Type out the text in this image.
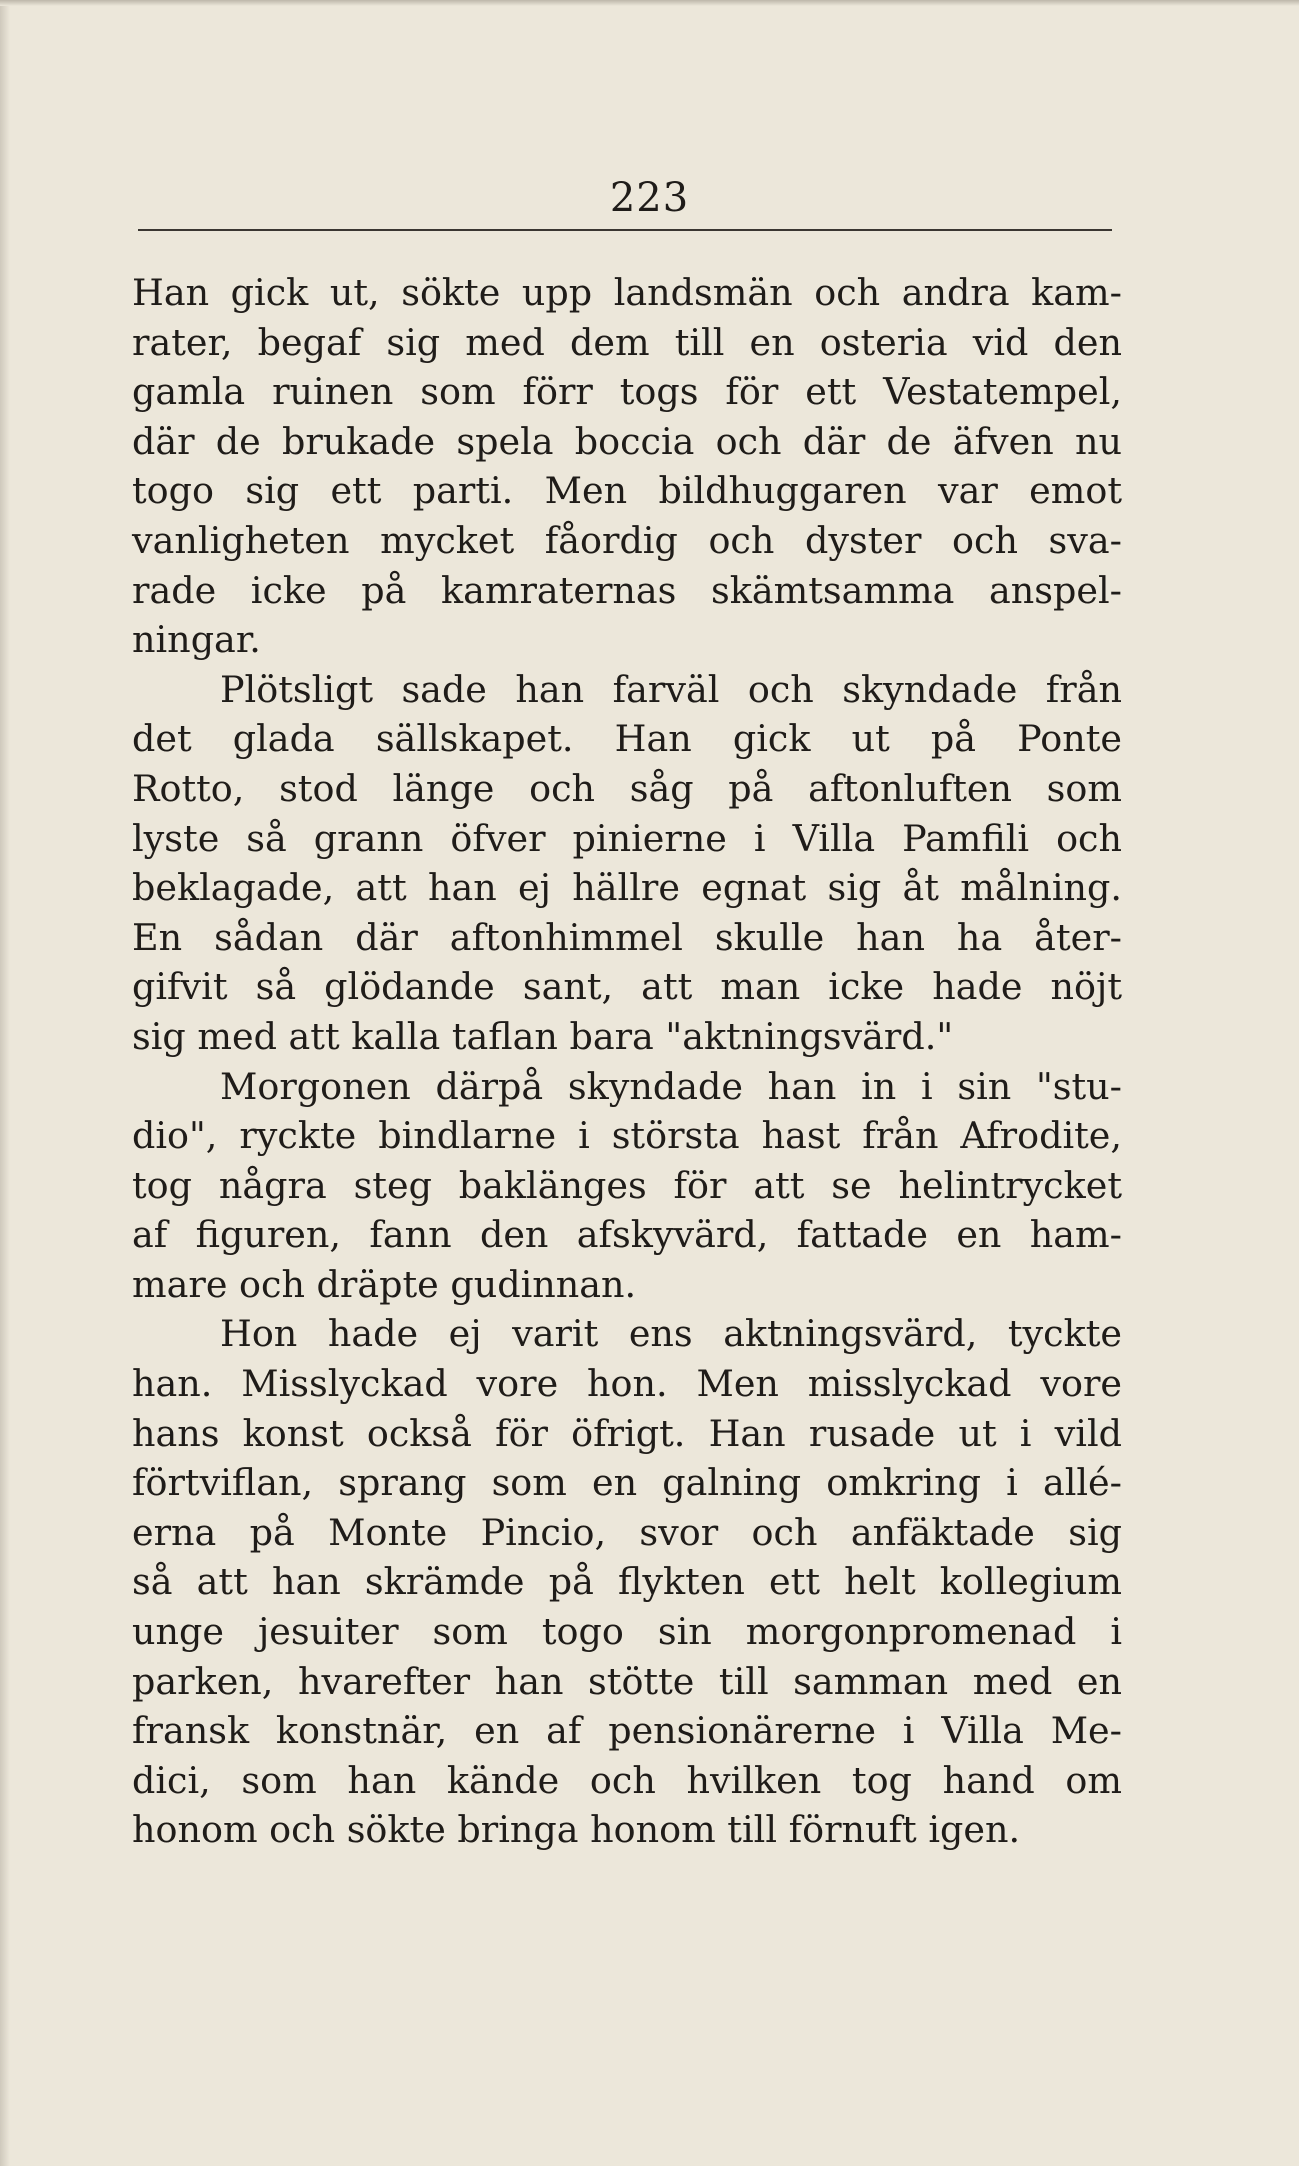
223
Han gick ut, sökte upp landsmän och andra kam-
rater, begaf sig med dem till en osteria vid den
gamla ruinen som förr togs för ett Vestatempel,
där de brukade spela boccia och där de äfven nu
togo sig ett parti. Men bildhuggaren var emot
vanligheten mycket fåordig och dyster och sva-
rade icke på kamraternas skämtsamma anspel-
ningar.
Plötsligt sade han farväl och skyndade från
det glada sällskapet. Han gick ut på Ponte
Rotto, stod länge och såg på aftonluften som
lyste så grann öfver pinierne i Villa Pamfili och
beklagade, att han ej hällre egnat sig åt målning.
En sådan där aftonhimmel skulle han ha åter-
gifvit så glödande sant, att man icke hade nöjt
sig med att kalla taflan bara "aktningsvärd."
Morgonen därpå skyndade han in i sin "stu-
dio", ryckte bindlarne i största hast från Afrodite,
tog några steg baklänges för att se helintrycket
af figuren, fann den afskyvärd, fattade en ham-
mare och dräpte gudinnan.
Hon hade ej varit ens aktningsvärd, tyckte
han. Misslyckad vore hon. Men misslyckad vore
hans konst också för öfrigt. Han rusade ut i vild
förtviflan, sprang som en galning omkring i allé-
erna på Monte Pincio, svor och anfäktade sig
så att han skrämde på flykten ett helt kollegium
unge jesuiter som togo sin morgonpromenad i
parken, hvarefter han stötte till samman med en
fransk konstnär, en af pensionärerne i Villa Me-
dici, som han kände och hvilken tog hand om
honom och sökte bringa honom till förnuft igen.
